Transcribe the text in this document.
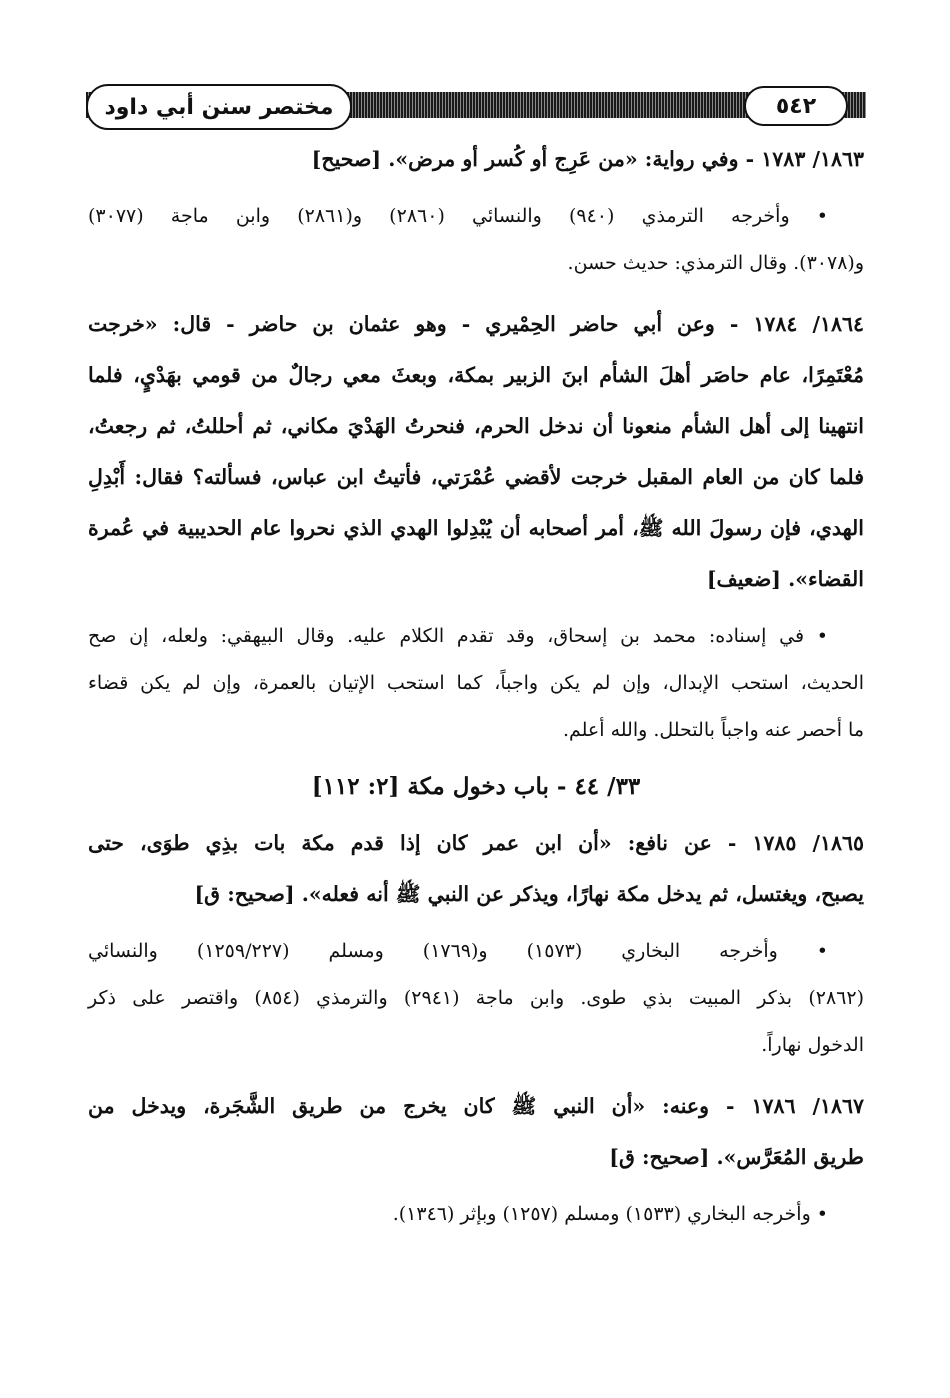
مختصر سنن أبي داود	٥٤٢

١٨٦٣/ ١٧٨٣ - وفي رواية: «من عَرِج أو كُسر أو مرض». [صحيح]

• وأخرجه الترمذي (٩٤٠) والنسائي (٢٨٦٠) و(٢٨٦١) وابن ماجة (٣٠٧٧)

و(٣٠٧٨). وقال الترمذي: حديث حسن.

١٨٦٤/ ١٧٨٤ - وعن أبي حاضر الحِمْيري - وهو عثمان بن حاضر - قال: «خرجت

مُعْتَمِرًا، عام حاصَر أهلَ الشأم ابنَ الزبير بمكة، وبعثَ معي رجالٌ من قومي بهَدْيٍ، فلما

انتهينا إلى أهل الشأم منعونا أن ندخل الحرم، فنحرتُ الهَدْيَ مكاني، ثم أحللتُ، ثم رجعتُ،

فلما كان من العام المقبل خرجت لأقضي عُمْرَتي، فأتيتُ ابن عباس، فسألته؟ فقال: أَبْدِلِ

الهدي، فإن رسولَ الله ﷺ، أمر أصحابه أن يُبْدِلوا الهدي الذي نحروا عام الحديبية في عُمرة

القضاء». [ضعيف]

• في إسناده: محمد بن إسحاق، وقد تقدم الكلام عليه. وقال البيهقي: ولعله، إن صح

الحديث، استحب الإبدال، وإن لم يكن واجباً، كما استحب الإتيان بالعمرة، وإن لم يكن قضاء

ما أحصر عنه واجباً بالتحلل. والله أعلم.

٣٣/ ٤٤ - باب دخول مكة [٢: ١١٢]

١٨٦٥/ ١٧٨٥ - عن نافع: «أن ابن عمر كان إذا قدم مكة بات بذِي طوَى، حتى

يصبح، ويغتسل، ثم يدخل مكة نهارًا، ويذكر عن النبي ﷺ أنه فعله». [صحيح: ق]

• وأخرجه البخاري (١٥٧٣) و(١٧٦٩) ومسلم (١٢٥٩/٢٢٧) والنسائي

(٢٨٦٢) بذكر المبيت بذي طوى. وابن ماجة (٢٩٤١) والترمذي (٨٥٤) واقتصر على ذكر

الدخول نهاراً.

١٨٦٧/ ١٧٨٦ - وعنه: «أن النبي ﷺ كان يخرج من طريق الشَّجَرة، ويدخل من

طريق المُعَرَّس». [صحيح: ق]

• وأخرجه البخاري (١٥٣٣) ومسلم (١٢٥٧) وبإثر (١٣٤٦).
